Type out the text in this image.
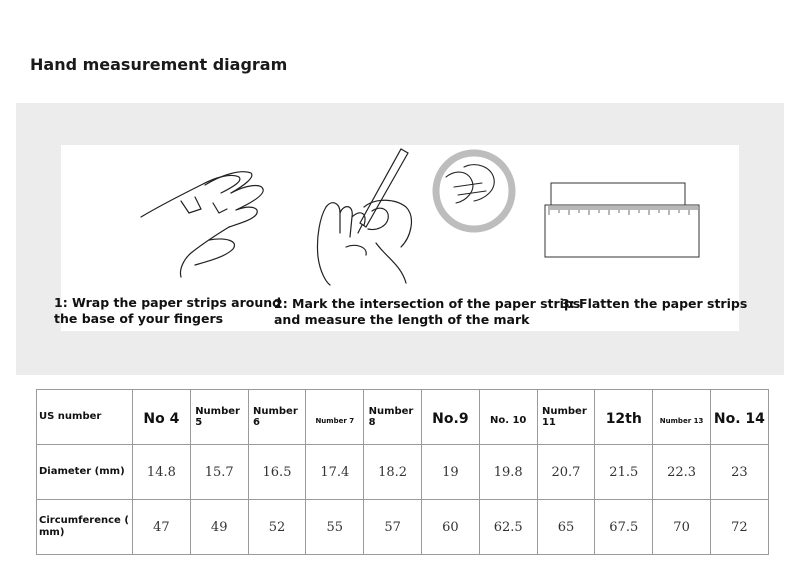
Hand measurement diagram

1: Wrap the paper strips around
the base of your fingers

2: Mark the intersection of the paper strips
and measure the length of the mark

3: Flatten the paper strips

US number	No 4	Number 5	Number 6	Number 7	Number 8	No.9	No. 10	Number 11	12th	Number 13	No. 14
Diameter (mm)	14.8	15.7	16.5	17.4	18.2	19	19.8	20.7	21.5	22.3	23
Circumference (
mm)	47	49	52	55	57	60	62.5	65	67.5	70	72
